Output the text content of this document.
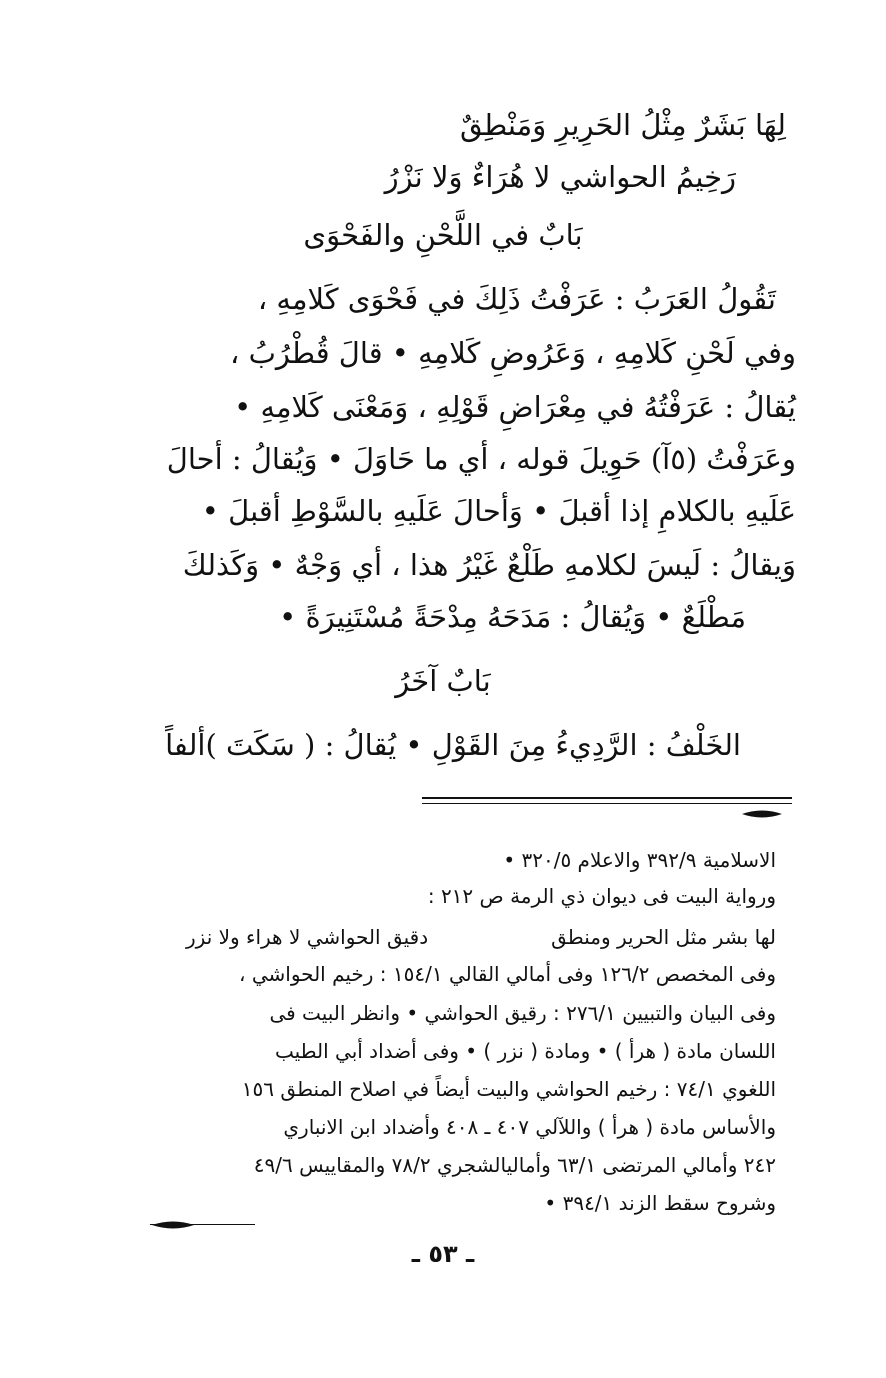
لِهَا بَشَرٌ مِثْلُ الحَرِيرِ وَمَنْطِقٌ
رَخِيمُ الحواشي لا هُرَاءٌ وَلا نَزْرُ
بَابٌ في اللَّحْنِ والفَحْوَى
تَقُولُ العَرَبُ : عَرَفْتُ ذَلِكَ في فَحْوَى كَلامِهِ ،
وفي لَحْنِ كَلامِهِ ، وَعَرُوضِ كَلامِهِ • قالَ قُطْرُبُ ،
يُقالُ : عَرَفْتُهُ في مِعْرَاضِ قَوْلِهِ ، وَمَعْنَى كَلامِهِ •
وعَرَفْتُ (٥آ) حَوِيلَ قوله ، أي ما حَاوَلَ • وَيُقالُ : أحالَ
عَلَيهِ بالكلامِ إذا أقبلَ • وَأحالَ عَلَيهِ بالسَّوْطِ أقبلَ •
وَيقالُ : لَيسَ لكلامهِ طَلْعٌ غَيْرُ هذا ، أي وَجْهٌ • وَكَذلكَ
مَطْلَعٌ • وَيُقالُ : مَدَحَهُ مِدْحَةً مُسْتَنِيرَةً •
بَابٌ آخَرُ
الخَلْفُ : الرَّدِيءُ مِنَ القَوْلِ • يُقالُ : ( سَكَتَ )ألفاً
الاسلامية ٣٩٢/٩ والاعلام ٣٢٠/٥ •
ورواية البيت فى ديوان ذي الرمة ص ٢١٢ :
لها بشر مثل الحرير ومنطق
دقيق الحواشي لا هراء ولا نزر
وفى المخصص ١٢٦/٢ وفى أمالي القالي ١٥٤/١ : رخيم الحواشي ،
وفى البيان والتبيين ٢٧٦/١ : رقيق الحواشي • وانظر البيت فى
اللسان مادة ( هرأ ) • ومادة ( نزر ) • وفى أضداد أبي الطيب
اللغوي ٧٤/١ : رخيم الحواشي والبيت أيضاً في اصلاح المنطق ١٥٦
والأساس مادة ( هرأ ) واللآلي ٤٠٧ ـ ٤٠٨ وأضداد ابن الانباري
٢٤٢ وأمالي المرتضى ٦٣/١ وأماليالشجري ٧٨/٢ والمقاييس ٤٩/٦
وشروح سقط الزند ٣٩٤/١ •
ـ ٥٣ ـ
